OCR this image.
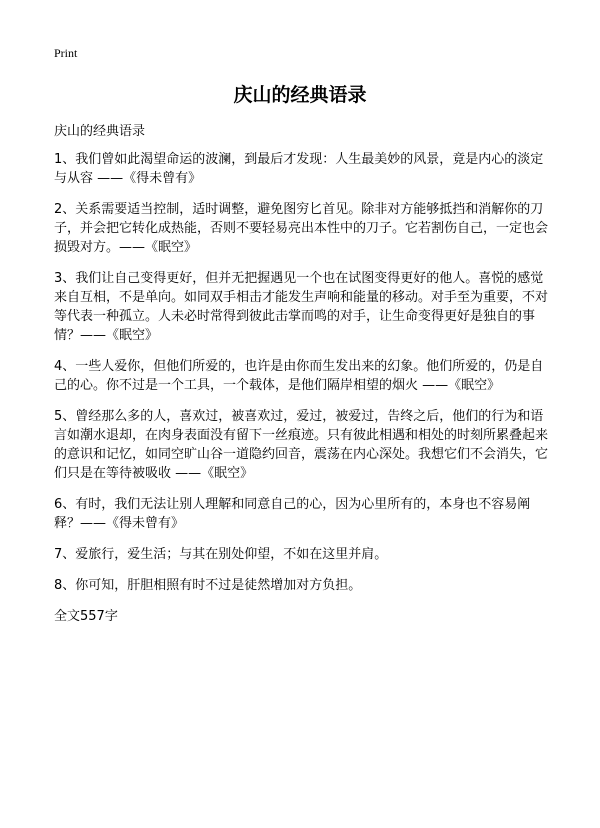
Print
庆山的经典语录

庆山的经典语录

1、我们曾如此渴望命运的波澜，到最后才发现：人生最美妙的风景，竟是内心的淡定与从容 ——《得未曾有》

2、关系需要适当控制，适时调整，避免图穷匕首见。除非对方能够抵挡和消解你的刀子，并会把它转化成热能，否则不要轻易亮出本性中的刀子。它若割伤自己，一定也会损毁对方。——《眠空》

3、我们让自己变得更好，但并无把握遇见一个也在试图变得更好的他人。喜悦的感觉来自互相，不是单向。如同双手相击才能发生声响和能量的移动。对手至为重要，不对等代表一种孤立。人未必时常得到彼此击掌而鸣的对手，让生命变得更好是独自的事情？——《眠空》

4、一些人爱你，但他们所爱的，也许是由你而生发出来的幻象。他们所爱的，仍是自己的心。你不过是一个工具，一个载体，是他们隔岸相望的烟火 ——《眠空》

5、曾经那么多的人，喜欢过，被喜欢过，爱过，被爱过，告终之后，他们的行为和语言如潮水退却，在肉身表面没有留下一丝痕迹。只有彼此相遇和相处的时刻所累叠起来的意识和记忆，如同空旷山谷一道隐约回音，震荡在内心深处。我想它们不会消失，它们只是在等待被吸收 ——《眠空》

6、有时，我们无法让别人理解和同意自己的心，因为心里所有的，本身也不容易阐释？——《得未曾有》

7、爱旅行，爱生活；与其在别处仰望，不如在这里并肩。

8、你可知，肝胆相照有时不过是徒然增加对方负担。

全文557字
